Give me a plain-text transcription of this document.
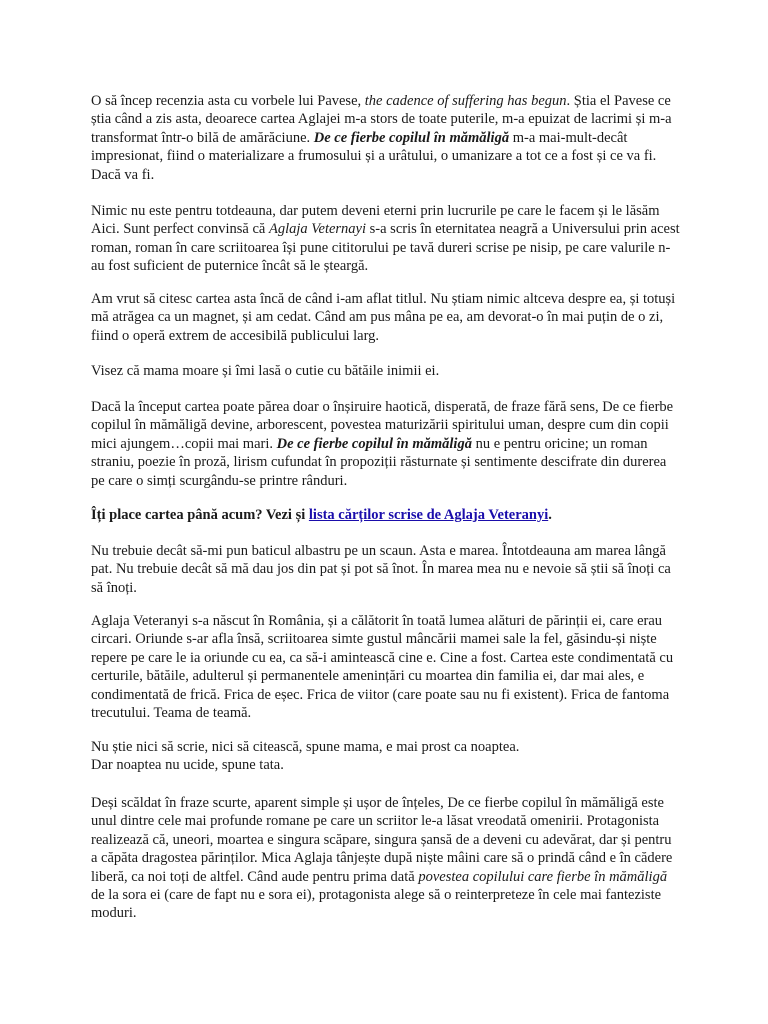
O să încep recenzia asta cu vorbele lui Pavese, the cadence of suffering has begun. Știa el Pavese ce știa când a zis asta, deoarece cartea Aglajei m-a stors de toate puterile, m-a epuizat de lacrimi și m-a transformat într-o bilă de amărăciune. De ce fierbe copilul în mămăligă m-a mai-mult-decât impresionat, fiind o materializare a frumosului și a urâtului, o umanizare a tot ce a fost și ce va fi. Dacă va fi.

Nimic nu este pentru totdeauna, dar putem deveni eterni prin lucrurile pe care le facem și le lăsăm Aici. Sunt perfect convinsă că Aglaja Veternayi s-a scris în eternitatea neagră a Universului prin acest roman, roman în care scriitoarea își pune cititorului pe tavă dureri scrise pe nisip, pe care valurile n-au fost suficient de puternice încât să le șteargă.

Am vrut să citesc cartea asta încă de când i-am aflat titlul. Nu știam nimic altceva despre ea, și totuși mă atrăgea ca un magnet, și am cedat. Când am pus mâna pe ea, am devorat-o în mai puțin de o zi, fiind o operă extrem de accesibilă publicului larg.

Visez că mama moare și îmi lasă o cutie cu bătăile inimii ei.

Dacă la început cartea poate părea doar o înșiruire haotică, disperată, de fraze fără sens, De ce fierbe copilul în mămăligă devine, arborescent, povestea maturizării spiritului uman, despre cum din copii mici ajungem…copii mai mari. De ce fierbe copilul în mămăligă nu e pentru oricine; un roman straniu, poezie în proză, lirism cufundat în propoziții răsturnate și sentimente descifrate din durerea pe care o simți scurgându-se printre rânduri.

Îți place cartea până acum? Vezi și lista cărților scrise de Aglaja Veteranyi.

Nu trebuie decât să-mi pun baticul albastru pe un scaun. Asta e marea. Întotdeauna am marea lângă pat. Nu trebuie decât să mă dau jos din pat și pot să înot. În marea mea nu e nevoie să știi să înoți ca să înoți.

Aglaja Veteranyi s-a născut în România, și a călătorit în toată lumea alături de părinții ei, care erau circari. Oriunde s-ar afla însă, scriitoarea simte gustul mâncării mamei sale la fel, găsindu-și niște repere pe care le ia oriunde cu ea, ca să-i amintească cine e. Cine a fost. Cartea este condimentată cu certurile, bătăile, adulterul și permanentele amenințări cu moartea din familia ei, dar mai ales, e condimentată de frică. Frica de eșec. Frica de viitor (care poate sau nu fi existent). Frica de fantoma trecutului. Teama de teamă.

Nu știe nici să scrie, nici să citească, spune mama, e mai prost ca noaptea.
Dar noaptea nu ucide, spune tata.

Deși scăldat în fraze scurte, aparent simple și ușor de înțeles, De ce fierbe copilul în mămăligă este unul dintre cele mai profunde romane pe care un scriitor le-a lăsat vreodată omenirii. Protagonista realizează că, uneori, moartea e singura scăpare, singura șansă de a deveni cu adevărat, dar și pentru a căpăta dragostea părinților. Mica Aglaja tânjește după niște mâini care să o prindă când e în cădere liberă, ca noi toți de altfel. Când aude pentru prima dată povestea copilului care fierbe în mămăligă de la sora ei (care de fapt nu e sora ei), protagonista alege să o reinterpreteze în cele mai fanteziste moduri.
